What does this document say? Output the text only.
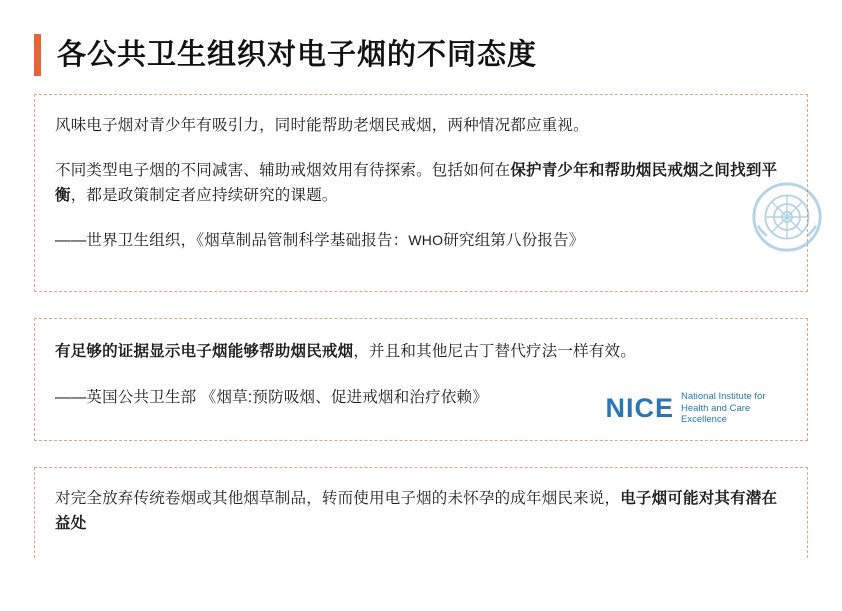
各公共卫生组织对电子烟的不同态度

风味电子烟对青少年有吸引力，同时能帮助老烟民戒烟，两种情况都应重视。

不同类型电子烟的不同减害、辅助戒烟效用有待探索。包括如何在保护青少年和帮助烟民戒烟之间找到平衡，都是政策制定者应持续研究的课题。

——世界卫生组织，《烟草制品管制科学基础报告：WHO研究组第八份报告》

有足够的证据显示电子烟能够帮助烟民戒烟，并且和其他尼古丁替代疗法一样有效。

——英国公共卫生部 《烟草:预防吸烟、促进戒烟和治疗依赖》	NICE National Institute for Health and Care Excellence

对完全放弃传统卷烟或其他烟草制品，转而使用电子烟的未怀孕的成年烟民来说，电子烟可能对其有潜在益处
